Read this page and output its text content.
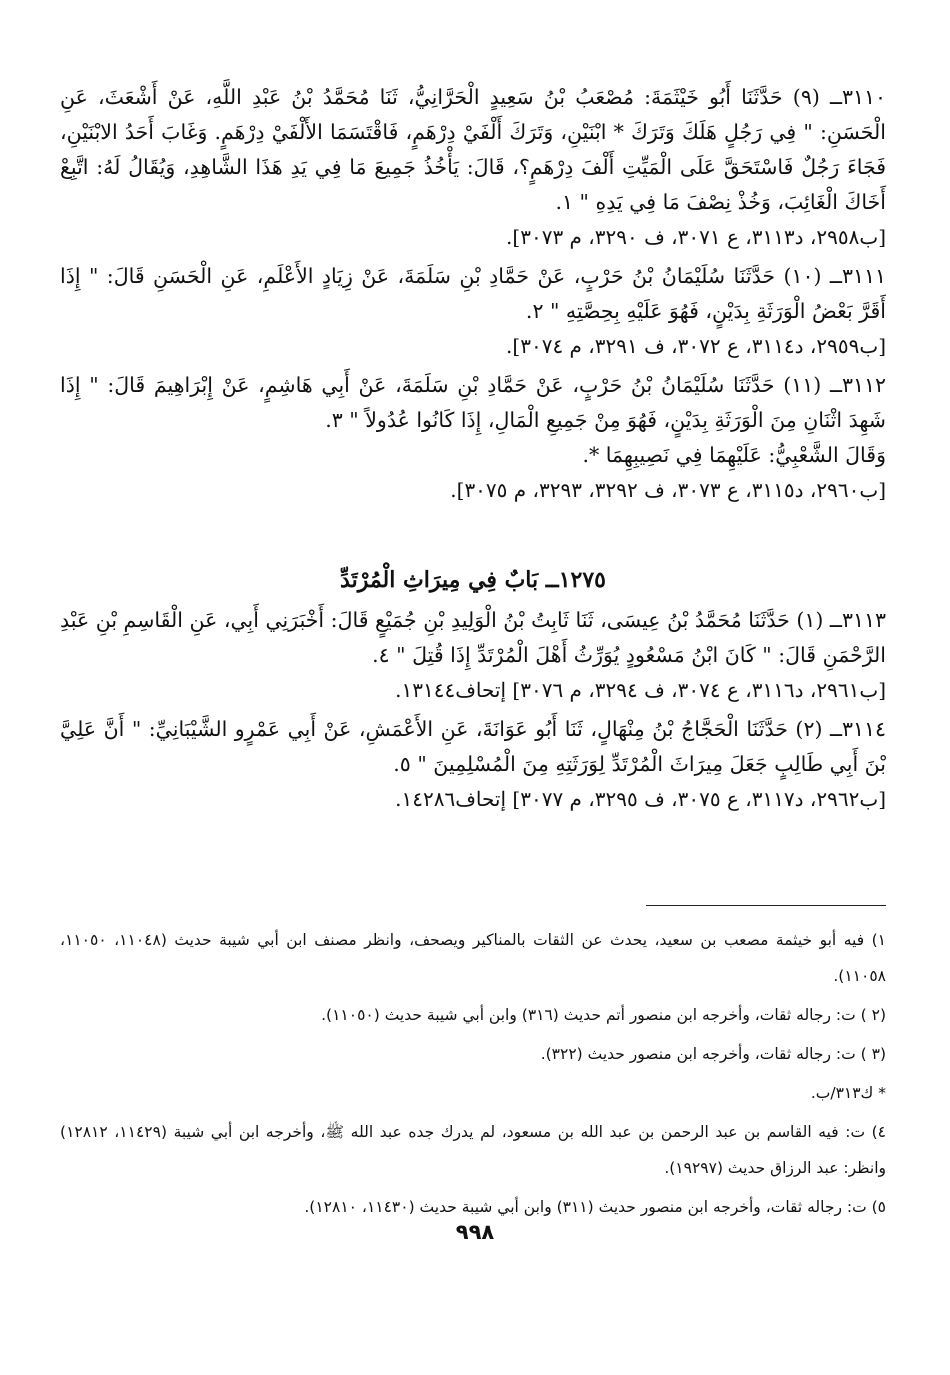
٣١١٠ــ (٩) حَدَّثَنَا أَبُو خَيْثَمَةَ: مُصْعَبُ بْنُ سَعِيدٍ الْحَرَّانِيُّ، ثَنَا مُحَمَّدُ بْنُ عَبْدِ اللَّهِ، عَنْ أَشْعَثَ، عَنِ الْحَسَنِ: " فِي رَجُلٍ هَلَكَ وَتَرَكَ * ابْنَيْنِ، وَتَرَكَ أَلْفَيْ دِرْهَمٍ، فَاقْتَسَمَا الأَلْفَيْ دِرْهَمٍ. وَغَابَ أَحَدُ الابْنَيْنِ، فَجَاءَ رَجُلٌ فَاسْتَحَقَّ عَلَى الْمَيِّتِ أَلْفَ دِرْهَمٍ؟، قَالَ: يَأْخُذُ جَمِيعَ مَا فِي يَدِ هَذَا الشَّاهِدِ، وَيُقَالُ لَهُ: اتَّبِعْ أَخَاكَ الْغَائِبَ، وَخُذْ نِصْفَ مَا فِي يَدِهِ " ١.

[ب٢٩٥٨، د٣١١٣، ع ٣٠٧١، ف ٣٢٩٠، م ٣٠٧٣].

٣١١١ــ (١٠) حَدَّثَنَا سُلَيْمَانُ بْنُ حَرْبٍ، عَنْ حَمَّادِ بْنِ سَلَمَةَ، عَنْ زِيَادٍ الأَعْلَمِ، عَنِ الْحَسَنِ قَالَ: " إِذَا أَقَرَّ بَعْضُ الْوَرَثَةِ بِدَيْنٍ، فَهُوَ عَلَيْهِ بِحِصَّتِهِ " ٢.

[ب٢٩٥٩، د٣١١٤، ع ٣٠٧٢، ف ٣٢٩١، م ٣٠٧٤].

٣١١٢ــ (١١) حَدَّثَنَا سُلَيْمَانُ بْنُ حَرْبٍ، عَنْ حَمَّادِ بْنِ سَلَمَةَ، عَنْ أَبِي هَاشِمٍ، عَنْ إِبْرَاهِيمَ قَالَ: " إِذَا شَهِدَ اثْنَانِ مِنَ الْوَرَثَةِ بِدَيْنٍ، فَهُوَ مِنْ جَمِيعِ الْمَالِ، إِذَا كَانُوا عُدُولاً " ٣.

وَقَالَ الشَّعْبِيُّ: عَلَيْهِمَا فِي نَصِيبِهِمَا *.

[ب٢٩٦٠، د٣١١٥، ع ٣٠٧٣، ف ٣٢٩٢، ٣٢٩٣، م ٣٠٧٥].

١٢٧٥ــ بَابٌ فِي مِيرَاثِ الْمُرْتَدِّ

٣١١٣ــ (١) حَدَّثَنَا مُحَمَّدُ بْنُ عِيسَى، ثَنَا ثَابِتُ بْنُ الْوَلِيدِ بْنِ جُمَيْعٍ قَالَ: أَخْبَرَنِي أَبِي، عَنِ الْقَاسِمِ بْنِ عَبْدِ الرَّحْمَنِ قَالَ: " كَانَ ابْنُ مَسْعُودٍ يُوَرِّثُ أَهْلَ الْمُرْتَدِّ إِذَا قُتِلَ " ٤.

[ب٢٩٦١، د٣١١٦، ع ٣٠٧٤، ف ٣٢٩٤، م ٣٠٧٦] إتحاف١٣١٤٤.

٣١١٤ــ (٢) حَدَّثَنَا الْحَجَّاجُ بْنُ مِنْهَالٍ، ثَنَا أَبُو عَوَانَةَ، عَنِ الأَعْمَشِ، عَنْ أَبِي عَمْرٍو الشَّيْبَانِيِّ: " أَنَّ عَلِيَّ بْنَ أَبِي طَالِبٍ جَعَلَ مِيرَاثَ الْمُرْتَدِّ لِوَرَثَتِهِ مِنَ الْمُسْلِمِينَ " ٥.

[ب٢٩٦٢، د٣١١٧، ع ٣٠٧٥، ف ٣٢٩٥، م ٣٠٧٧] إتحاف١٤٢٨٦.

١) فيه أبو خيثمة مصعب بن سعيد، يحدث عن الثقات بالمناكير ويصحف، وانظر مصنف ابن أبي شيبة حديث (١١٠٤٨، ١١٠٥٠، ١١٠٥٨).

(٢ ) ت: رجاله ثقات، وأخرجه ابن منصور أتم حديث (٣١٦) وابن أبي شيبة حديث (١١٠٥٠).

(٣ ) ت: رجاله ثقات، وأخرجه ابن منصور حديث (٣٢٢).

* ك٣١٣/ب.

٤) ت: فيه القاسم بن عبد الرحمن بن عبد الله بن مسعود، لم يدرك جده عبد الله ﷺ، وأخرجه ابن أبي شيبة (١١٤٢٩، ١٢٨١٢) وانظر: عبد الرزاق حديث (١٩٢٩٧).

٥) ت: رجاله ثقات، وأخرجه ابن منصور حديث (٣١١) وابن أبي شيبة حديث (١١٤٣٠، ١٢٨١٠).

٩٩٨
